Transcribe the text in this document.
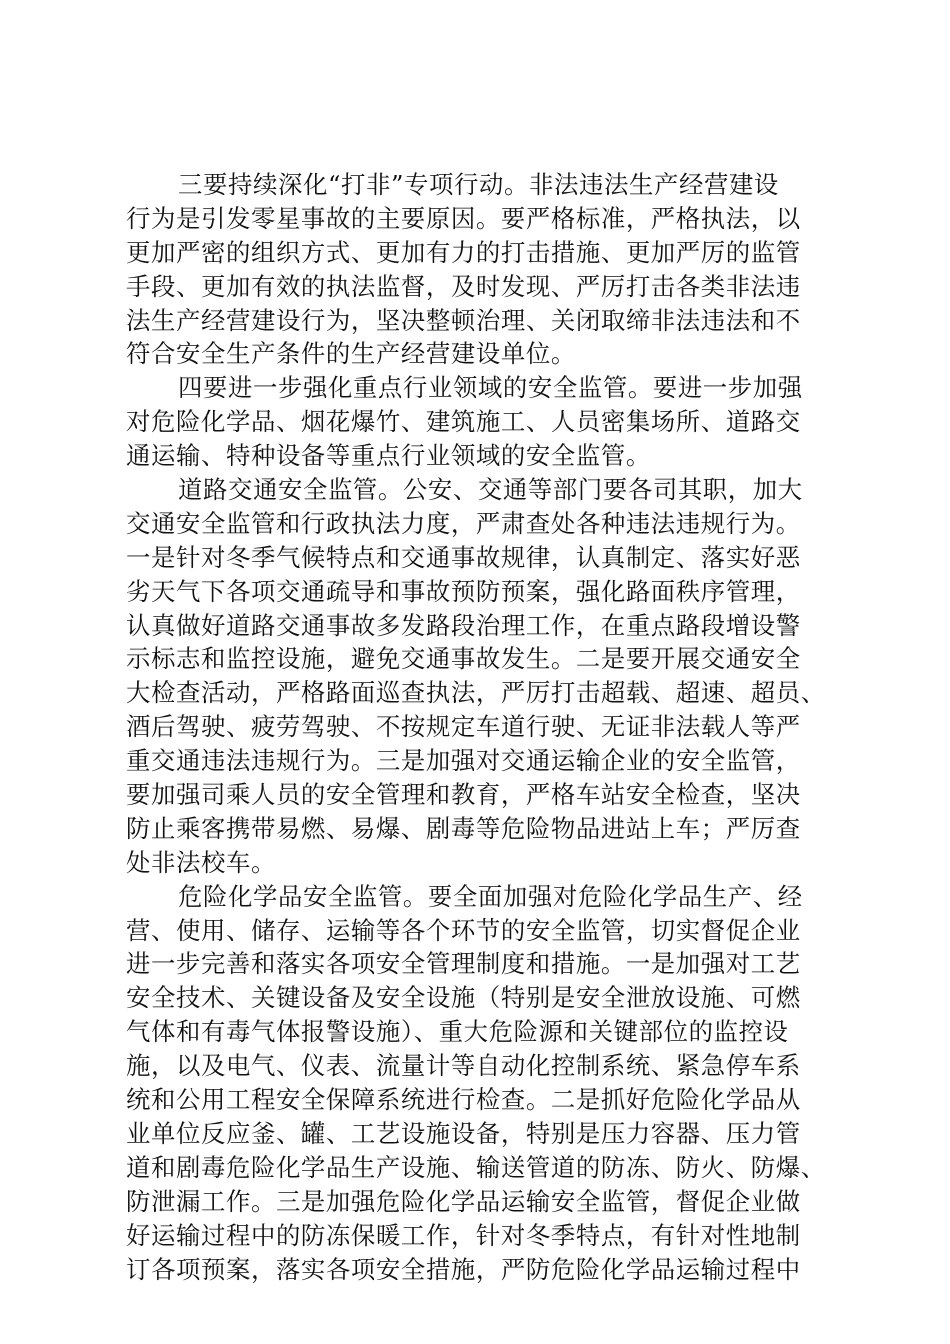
三要持续深化“打非”专项行动。非法违法生产经营建设
行为是引发零星事故的主要原因。要严格标准，严格执法，以
更加严密的组织方式、更加有力的打击措施、更加严厉的监管
手段、更加有效的执法监督，及时发现、严厉打击各类非法违
法生产经营建设行为，坚决整顿治理、关闭取缔非法违法和不
符合安全生产条件的生产经营建设单位。
四要进一步强化重点行业领域的安全监管。要进一步加强
对危险化学品、烟花爆竹、建筑施工、人员密集场所、道路交
通运输、特种设备等重点行业领域的安全监管。
道路交通安全监管。公安、交通等部门要各司其职，加大
交通安全监管和行政执法力度，严肃查处各种违法违规行为。
一是针对冬季气候特点和交通事故规律，认真制定、落实好恶
劣天气下各项交通疏导和事故预防预案，强化路面秩序管理，
认真做好道路交通事故多发路段治理工作，在重点路段增设警
示标志和监控设施，避免交通事故发生。二是要开展交通安全
大检查活动，严格路面巡查执法，严厉打击超载、超速、超员、
酒后驾驶、疲劳驾驶、不按规定车道行驶、无证非法载人等严
重交通违法违规行为。三是加强对交通运输企业的安全监管，
要加强司乘人员的安全管理和教育，严格车站安全检查，坚决
防止乘客携带易燃、易爆、剧毒等危险物品进站上车；严厉查
处非法校车。
危险化学品安全监管。要全面加强对危险化学品生产、经
营、使用、储存、运输等各个环节的安全监管，切实督促企业
进一步完善和落实各项安全管理制度和措施。一是加强对工艺
安全技术、关键设备及安全设施（特别是安全泄放设施、可燃
气体和有毒气体报警设施）、重大危险源和关键部位的监控设
施，以及电气、仪表、流量计等自动化控制系统、紧急停车系
统和公用工程安全保障系统进行检查。二是抓好危险化学品从
业单位反应釜、罐、工艺设施设备，特别是压力容器、压力管
道和剧毒危险化学品生产设施、输送管道的防冻、防火、防爆、
防泄漏工作。三是加强危险化学品运输安全监管，督促企业做
好运输过程中的防冻保暖工作，针对冬季特点，有针对性地制
订各项预案，落实各项安全措施，严防危险化学品运输过程中
